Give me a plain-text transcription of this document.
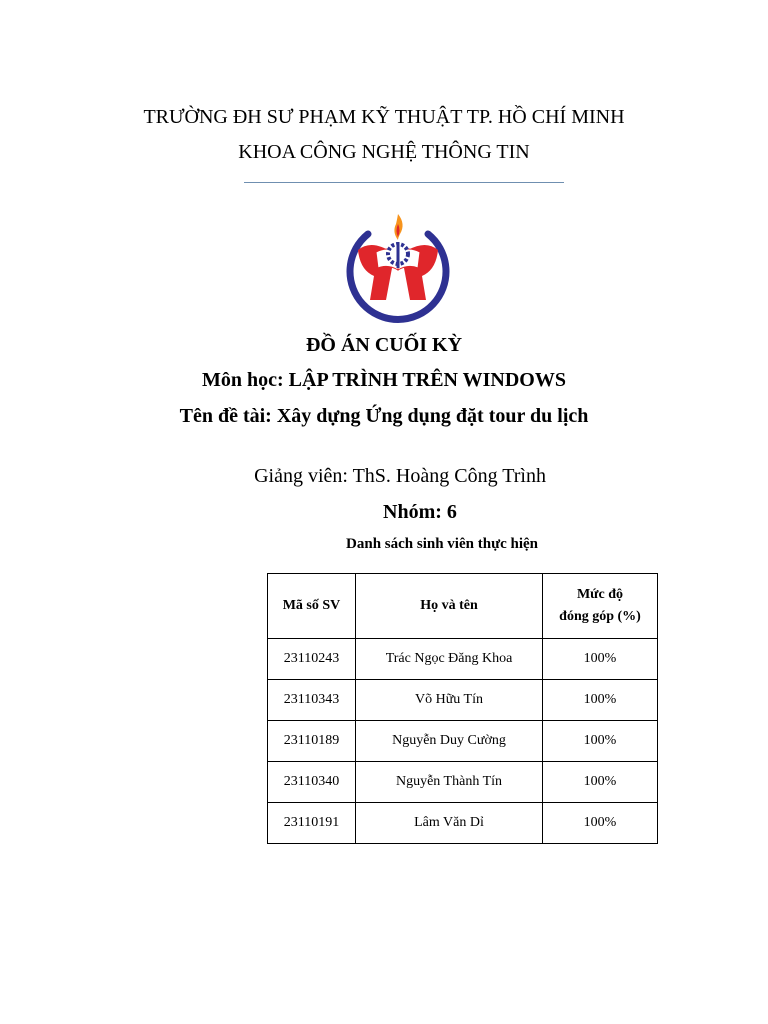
TRƯỜNG ĐH SƯ PHẠM KỸ THUẬT TP. HỒ CHÍ MINH
KHOA CÔNG NGHỆ THÔNG TIN
ĐỒ ÁN CUỐI KỲ
Môn học: LẬP TRÌNH TRÊN WINDOWS
Tên đề tài: Xây dựng Ứng dụng đặt tour du lịch
Giảng viên: ThS. Hoàng Công Trình
Nhóm: 6
Danh sách sinh viên thực hiện
Mã số SV	Họ và tên	Mức độ
đóng góp (%)

23110243	Trác Ngọc Đăng Khoa	100%
23110343	Võ Hữu Tín	100%
23110189	Nguyễn Duy Cường	100%
23110340	Nguyễn Thành Tín	100%
23110191	Lâm Văn Dỉ	100%
